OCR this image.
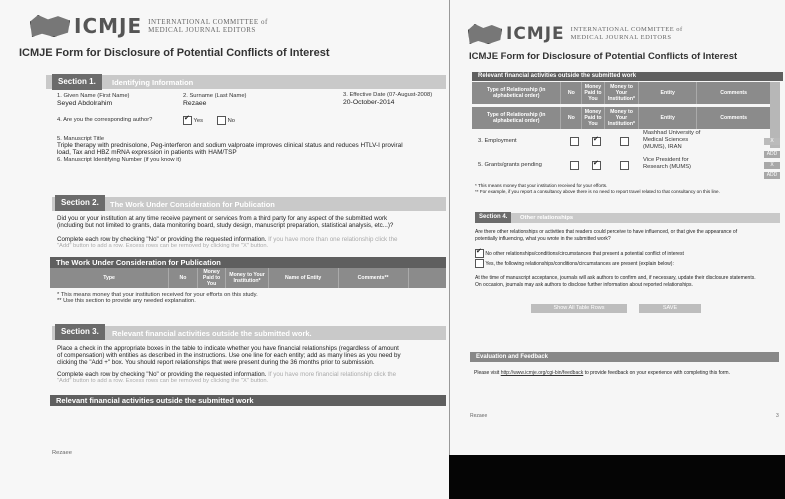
ICMJE INTERNATIONAL COMMITTEE of
MEDICAL JOURNAL EDITORS
ICMJE Form for Disclosure of Potential Conflicts of Interest
Section 1.	Identifying Information
1. Given Name (First Name)
Seyed Abdolrahim
2. Surname (Last Name)
Rezaee
3. Effective Date (07-August-2008)
20-October-2014
4. Are you the corresponding author?
✔	Yes	No
5. Manuscript Title
Triple therapy with prednisolone, Peg-interferon and sodium valproate improves clinical status and reduces HTLV-I proviral
load, Tax and HBZ mRNA expression in patients with HAM/TSP
6. Manuscript Identifying Number (if you know it)
Section 2.	The Work Under Consideration for Publication
Did you or your institution at any time receive payment or services from a third party for any aspect of the submitted work
(including but not limited to grants, data monitoring board, study design, manuscript preparation, statistical analysis, etc...)?
Complete each row by checking "No" or providing the requested information. If you have more than one relationship click the
"Add" button to add a row. Excess rows can be removed by clicking the "X" button.
The Work Under Consideration for Publication
Type	No
Money Paid to You
Money to Your Institution*	Name of Entity	Comments**
* This means money that your institution received for your efforts on this study.
** Use this section to provide any needed explanation.
Section 3.	Relevant financial activities outside the submitted work.
Place a check in the appropriate boxes in the table to indicate whether you have financial relationships (regardless of amount
of compensation) with entities as described in the instructions. Use one line for each entity; add as many lines as you need by
clicking the "Add +" box. You should report relationships that were present during the 36 months prior to submission.
Complete each row by checking "No" or providing the requested information. If you have more financial relationship click the
"Add" button to add a row. Excess rows can be removed by clicking the "X" button.
Relevant financial activities outside the submitted work
Rezaee
ICMJE INTERNATIONAL COMMITTEE of
MEDICAL JOURNAL EDITORS
ICMJE Form for Disclosure of Potential Conflicts of Interest
Relevant financial activities outside the submitted work
Type of Relationship (in alphabetical order)	No
Money Paid to You
Money to Your Institution*
Entity	Comments
Type of Relationship (in alphabetical order)	No
Money Paid to You
Money to Your Institution*
Entity	Comments
X
3. Employment
✔
Mashhad University of
Medical Sciences
(MUMS), IRAN
ADD
5. Grants/grants pending
✔
Vice President for
Research (MUMS)	X
ADD
* This means money that your institution received for your efforts.
** For example, if you report a consultancy above there is no need to report travel related to that consultancy on this line.
Section 4.	Other relationships
Are there other relationships or activities that readers could perceive to have influenced, or that give the appearance of
potentially influencing, what you wrote in the submitted work?
✔ No other relationships/conditions/circumstances that present a potential conflict of interest
Yes, the following relationships/conditions/circumstances are present (explain below):
At the time of manuscript acceptance, journals will ask authors to confirm and, if necessary, update their disclosure statements.
On occasion, journals may ask authors to disclose further information about reported relationships.
Show All Table Rows	SAVE
Evaluation and Feedback
Please visit http://www.icmje.org/cgi-bin/feedback to provide feedback on your experience with completing this form.
Rezaee	3
